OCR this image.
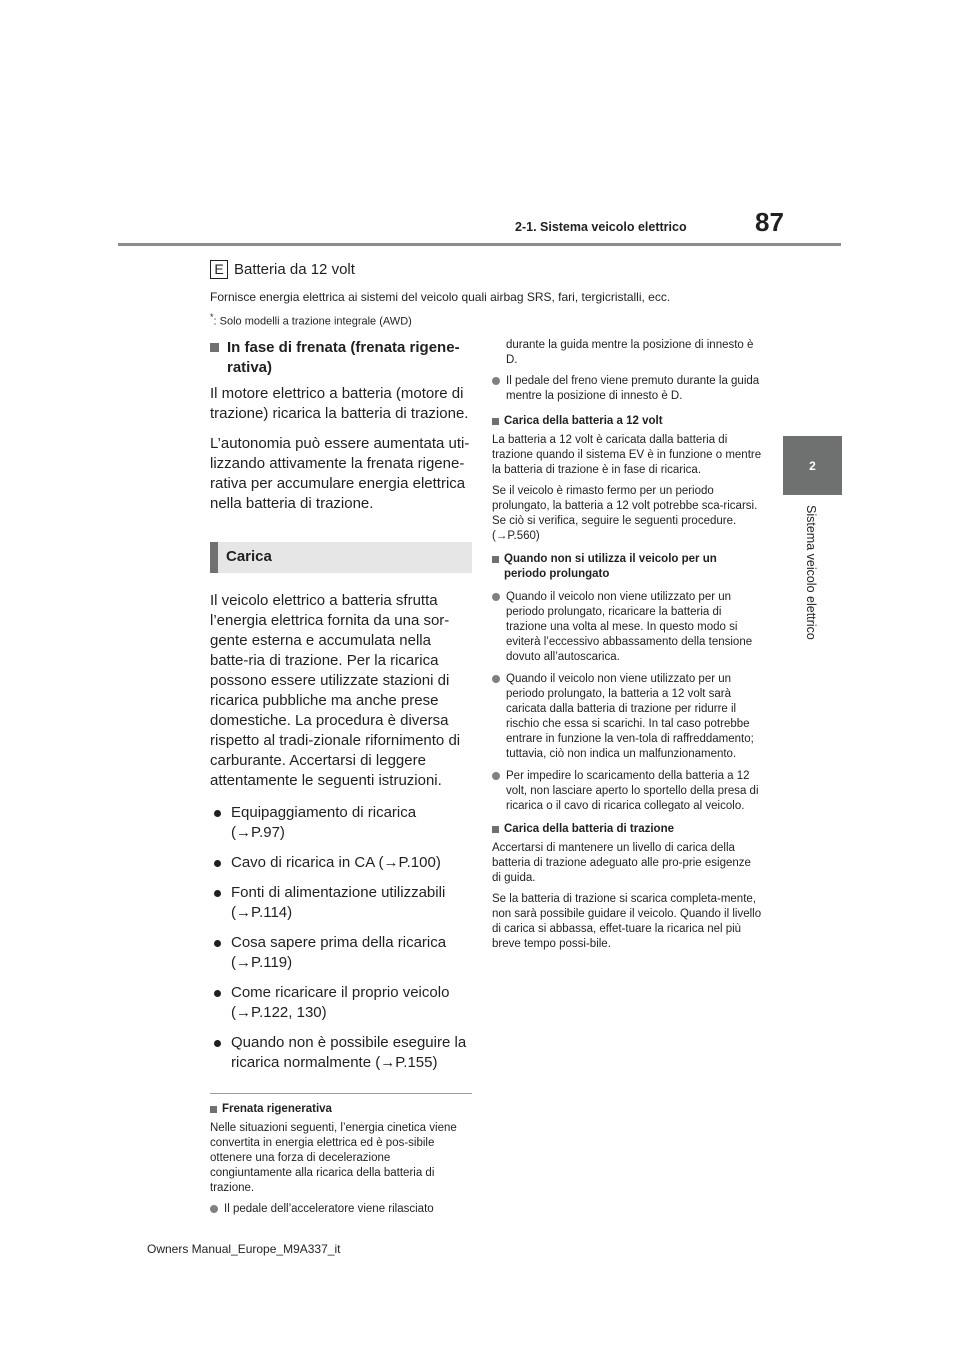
2-1. Sistema veicolo elettrico	87
2
Sistema veicolo elettrico
E Batteria da 12 volt
Fornisce energia elettrica ai sistemi del veicolo quali airbag SRS, fari, tergicristalli, ecc.
*: Solo modelli a trazione integrale (AWD)
In fase di frenata (frenata rigene-
rativa)

Il motore elettrico a batteria (motore di trazione) ricarica la batteria di trazione.

L’autonomia può essere aumentata uti-lizzando attivamente la frenata rigene-rativa per accumulare energia elettrica nella batteria di trazione.

Carica

Il veicolo elettrico a batteria sfrutta l’energia elettrica fornita da una sor-gente esterna e accumulata nella batte-ria di trazione. Per la ricarica possono essere utilizzate stazioni di ricarica pubbliche ma anche prese domestiche. La procedura è diversa rispetto al tradi-zionale rifornimento di carburante. Accertarsi di leggere attentamente le seguenti istruzioni.

Equipaggiamento di ricarica (→P.97)
Cavo di ricarica in CA (→P.100)
Fonti di alimentazione utilizzabili (→P.114)
Cosa sapere prima della ricarica (→P.119)
Come ricaricare il proprio veicolo (→P.122, 130)
Quando non è possibile eseguire la ricarica normalmente (→P.155)
Frenata rigenerativa

Nelle situazioni seguenti, l’energia cinetica viene convertita in energia elettrica ed è pos-sibile ottenere una forza di decelerazione congiuntamente alla ricarica della batteria di trazione.

Il pedale dell’acceleratore viene rilasciato

durante la guida mentre la posizione di innesto è D.

Il pedale del freno viene premuto durante la guida mentre la posizione di innesto è D.
Carica della batteria a 12 volt

La batteria a 12 volt è caricata dalla batteria di trazione quando il sistema EV è in funzione o mentre la batteria di trazione è in fase di ricarica.

Se il veicolo è rimasto fermo per un periodo prolungato, la batteria a 12 volt potrebbe sca-ricarsi. Se ciò si verifica, seguire le seguenti procedure. (→P.560)

Quando non si utilizza il veicolo per un periodo prolungato
Quando il veicolo non viene utilizzato per un periodo prolungato, ricaricare la batteria di trazione una volta al mese. In questo modo si eviterà l’eccessivo abbassamento della tensione dovuto all’autoscarica.
Quando il veicolo non viene utilizzato per un periodo prolungato, la batteria a 12 volt sarà caricata dalla batteria di trazione per ridurre il rischio che essa si scarichi. In tal caso potrebbe entrare in funzione la ven-tola di raffreddamento; tuttavia, ciò non indica un malfunzionamento.
Per impedire lo scaricamento della batteria a 12 volt, non lasciare aperto lo sportello della presa di ricarica o il cavo di ricarica collegato al veicolo.
Carica della batteria di trazione

Accertarsi di mantenere un livello di carica della batteria di trazione adeguato alle pro-prie esigenze di guida.

Se la batteria di trazione si scarica completa-mente, non sarà possibile guidare il veicolo. Quando il livello di carica si abbassa, effet-tuare la ricarica nel più breve tempo possi-bile.

Owners Manual_Europe_M9A337_it
